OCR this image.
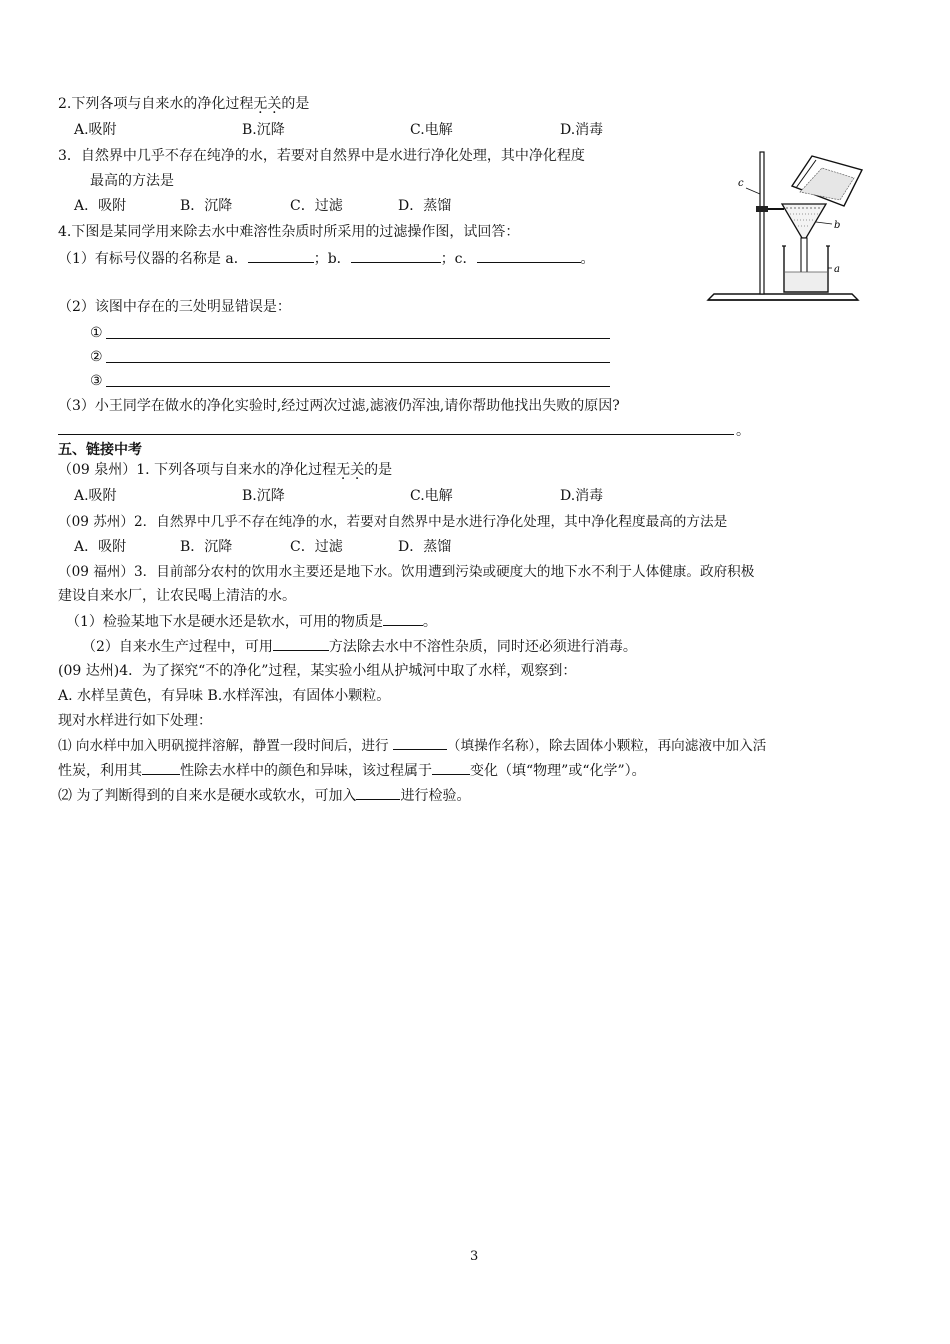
2.下列各项与自来水的净化过程无关的是
A.吸附	B.沉降	C.电解	D.消毒
3．自然界中几乎不存在纯净的水，若要对自然界中是水进行净化处理，其中净化程度
最高的方法是
A．吸附	B．沉降	C．过滤	D．蒸馏
4.下图是某同学用来除去水中难溶性杂质时所采用的过滤操作图，试回答：
（1）有标号仪器的名称是 a．	；b．	；c．	。
（2）该图中存在的三处明显错误是：
①
②
③
（3）小王同学在做水的净化实验时,经过两次过滤,滤液仍浑浊,请你帮助他找出失败的原因?
。
c
b
a
五、链接中考
（09 泉州）1. 下列各项与自来水的净化过程无关的是
A.吸附	B.沉降	C.电解	D.消毒
（09 苏州）2．自然界中几乎不存在纯净的水，若要对自然界中是水进行净化处理，其中净化程度最高的方法是
A．吸附	B．沉降	C．过滤	D．蒸馏
（09 福州）3．目前部分农村的饮用水主要还是地下水。饮用遭到污染或硬度大的地下水不利于人体健康。政府积极
建设自来水厂，让农民喝上清洁的水。
（1）检验某地下水是硬水还是软水，可用的物质是	。
（2）自来水生产过程中，可用	方法除去水中不溶性杂质，同时还必须进行消毒。
(09 达州)4．为了探究“不的净化”过程，某实验小组从护城河中取了水样，观察到：
A. 水样呈黄色，有异味 B.水样浑浊，有固体小颗粒。
现对水样进行如下处理：
⑴ 向水样中加入明矾搅拌溶解，静置一段时间后，进行	（填操作名称），除去固体小颗粒，再向滤液中加入活
性炭，利用其	性除去水样中的颜色和异味，该过程属于	变化（填“物理”或“化学”）。
⑵ 为了判断得到的自来水是硬水或软水，可加入	进行检验。
3
